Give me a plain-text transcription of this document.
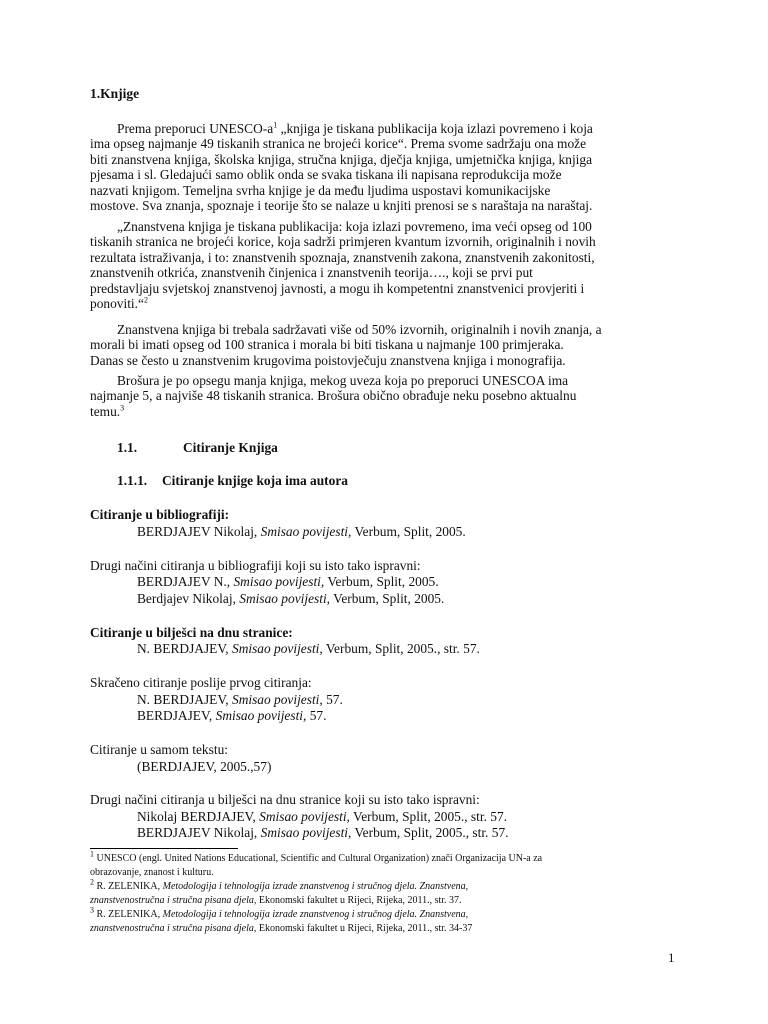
1.Knjige
Prema preporuci UNESCO-$a^1$ „knjiga je tiskana publikacija koja izlazi povremeno i koja
ima opseg najmanje 49 tiskanih stranica ne brojeći korice“. Prema svome sadržaju ona može
biti znanstvena knjiga, školska knjiga, stručna knjiga, dječja knjiga, umjetnička knjiga, knjiga
pjesama i sl. Gledajući samo oblik onda se svaka tiskana ili napisana reprodukcija može
nazvati knjigom. Temeljna svrha knjige je da među ljudima uspostavi komunikacijske
mostove. Sva znanja, spoznaje i teorije što se nalaze u knjiti prenosi se s naraštaja na naraštaj.
„Znanstvena knjiga je tiskana publikacija: koja izlazi povremeno, ima veći opseg od 100
tiskanih stranica ne brojeći korice, koja sadrži primjeren kvantum izvornih, originalnih i novih
rezultata istraživanja, i to: znanstvenih spoznaja, znanstvenih zakona, znanstvenih zakonitosti,
znanstvenih otkrića, znanstvenih činjenica i znanstvenih teorija…., koji se prvi put
predstavljaju svjetskoj znanstvenoj javnosti, a mogu ih kompetentni znanstvenici provjeriti i
ponoviti.“$^2$
Znanstvena knjiga bi trebala sadržavati više od 50% izvornih, originalnih i novih znanja, a
morali bi imati opseg od 100 stranica i morala bi biti tiskana u najmanje 100 primjeraka.
Danas se često u znanstvenim krugovima poistovječuju znanstvena knjiga i monografija.
Brošura je po opsegu manja knjiga, mekog uveza koja po preporuci UNESCOA ima
najmanje 5, a najviše 48 tiskanih stranica. Brošura obično obrađuje neku posebno aktualnu
temu.$^3$
1.1.	Citiranje Knjiga
1.1.1. Citiranje knjige koja ima autora
Citiranje u bibliografiji:
BERDJAJEV Nikolaj, Smisao povijesti, Verbum, Split, 2005.
Drugi načini citiranja u bibliografiji koji su isto tako ispravni:
BERDJAJEV N., Smisao povijesti, Verbum, Split, 2005.
Berdjajev Nikolaj, Smisao povijesti, Verbum, Split, 2005.
Citiranje u bilješci na dnu stranice:
N. BERDJAJEV, Smisao povijesti, Verbum, Split, 2005., str. 57.
Skračeno citiranje poslije prvog citiranja:
N. BERDJAJEV, Smisao povijesti, 57.
BERDJAJEV, Smisao povijesti, 57.
Citiranje u samom tekstu:
(BERDJAJEV, 2005.,57)
Drugi načini citiranja u bilješci na dnu stranice koji su isto tako ispravni:
Nikolaj BERDJAJEV, Smisao povijesti, Verbum, Split, 2005., str. 57.
BERDJAJEV Nikolaj, Smisao povijesti, Verbum, Split, 2005., str. 57.
$^1$ UNESCO (engl. United Nations Educational, Scientific and Cultural Organization) znači Organizacija UN-a za
obrazovanje, znanost i kulturu.
$^2$ R. ZELENIKA, Metodologija i tehnologija izrade znanstvenog i stručnog djela. Znanstvena,
znanstvenostručna i stručna pisana djela, Ekonomski fakultet u Rijeci, Rijeka, 2011., str. 37.
$^3$ R. ZELENIKA, Metodologija i tehnologija izrade znanstvenog i stručnog djela. Znanstvena,
znanstvenostručna i stručna pisana djela, Ekonomski fakultet u Rijeci, Rijeka, 2011., str. 34-37
1
